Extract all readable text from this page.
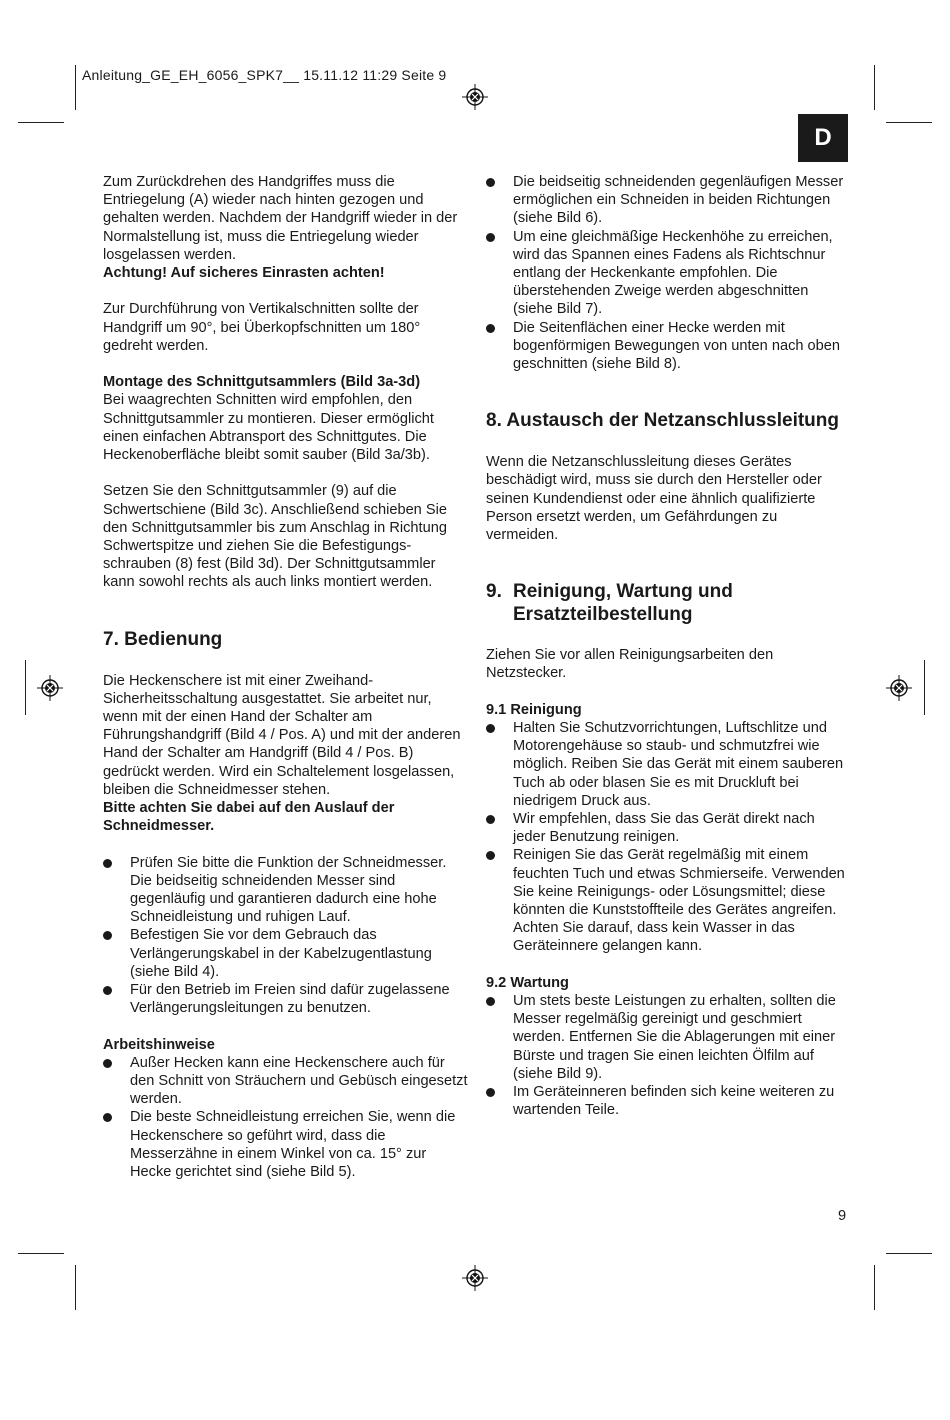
Anleitung_GE_EH_6056_SPK7__ 15.11.12 11:29 Seite 9
D

Zum Zurückdrehen des Handgriffes muss die Entriegelung (A) wieder nach hinten gezogen und gehalten werden. Nachdem der Handgriff wieder in der Normalstellung ist, muss die Entriegelung wieder losgelassen werden.

Achtung! Auf sicheres Einrasten achten!

Zur Durchführung von Vertikalschnitten sollte der Handgriff um 90°, bei Überkopfschnitten um 180° gedreht werden.

Montage des Schnittgutsammlers (Bild 3a-3d)

Bei waagrechten Schnitten wird empfohlen, den Schnittgutsammler zu montieren. Dieser ermöglicht einen einfachen Abtransport des Schnittgutes. Die Heckenoberfläche bleibt somit sauber (Bild 3a/3b).

Setzen Sie den Schnittgutsammler (9) auf die Schwertschiene (Bild 3c). Anschließend schieben Sie den Schnittgutsammler bis zum Anschlag in Richtung Schwertspitze und ziehen Sie die Befestigungs-schrauben (8) fest (Bild 3d). Der Schnittgutsammler kann sowohl rechts als auch links montiert werden.

7. Bedienung

Die Heckenschere ist mit einer Zweihand-Sicherheitsschaltung ausgestattet. Sie arbeitet nur, wenn mit der einen Hand der Schalter am Führungshandgriff (Bild 4 / Pos. A) und mit der anderen Hand der Schalter am Handgriff (Bild 4 / Pos. B) gedrückt werden. Wird ein Schaltelement losgelassen, bleiben die Schneidmesser stehen.

Bitte achten Sie dabei auf den Auslauf der Schneidmesser.

Prüfen Sie bitte die Funktion der Schneidmesser. Die beidseitig schneidenden Messer sind gegenläufig und garantieren dadurch eine hohe Schneidleistung und ruhigen Lauf.
Befestigen Sie vor dem Gebrauch das Verlängerungskabel in der Kabelzugentlastung (siehe Bild 4).
Für den Betrieb im Freien sind dafür zugelassene Verlängerungsleitungen zu benutzen.

Arbeitshinweise

Außer Hecken kann eine Heckenschere auch für den Schnitt von Sträuchern und Gebüsch eingesetzt werden.
Die beste Schneidleistung erreichen Sie, wenn die Heckenschere so geführt wird, dass die Messerzähne in einem Winkel von ca. 15° zur Hecke gerichtet sind (siehe Bild 5).
Die beidseitig schneidenden gegenläufigen Messer ermöglichen ein Schneiden in beiden Richtungen (siehe Bild 6).
Um eine gleichmäßige Heckenhöhe zu erreichen, wird das Spannen eines Fadens als Richtschnur entlang der Heckenkante empfohlen. Die überstehenden Zweige werden abgeschnitten (siehe Bild 7).
Die Seitenflächen einer Hecke werden mit bogenförmigen Bewegungen von unten nach oben geschnitten (siehe Bild 8).
8. Austausch der Netzanschlussleitung

Wenn die Netzanschlussleitung dieses Gerätes beschädigt wird, muss sie durch den Hersteller oder seinen Kundendienst oder eine ähnlich qualifizierte Person ersetzt werden, um Gefährdungen zu vermeiden.

9. Reinigung, Wartung und
Ersatzteilbestellung

Ziehen Sie vor allen Reinigungsarbeiten den Netzstecker.

9.1 Reinigung

Halten Sie Schutzvorrichtungen, Luftschlitze und Motorengehäuse so staub- und schmutzfrei wie möglich. Reiben Sie das Gerät mit einem sauberen Tuch ab oder blasen Sie es mit Druckluft bei niedrigem Druck aus.
Wir empfehlen, dass Sie das Gerät direkt nach jeder Benutzung reinigen.
Reinigen Sie das Gerät regelmäßig mit einem feuchten Tuch und etwas Schmierseife. Verwenden Sie keine Reinigungs- oder Lösungsmittel; diese könnten die Kunststoffteile des Gerätes angreifen. Achten Sie darauf, dass kein Wasser in das Geräteinnere gelangen kann.

9.2 Wartung

Um stets beste Leistungen zu erhalten, sollten die Messer regelmäßig gereinigt und geschmiert werden. Entfernen Sie die Ablagerungen mit einer Bürste und tragen Sie einen leichten Ölfilm auf (siehe Bild 9).
Im Geräteinneren befinden sich keine weiteren zu wartenden Teile.
9
